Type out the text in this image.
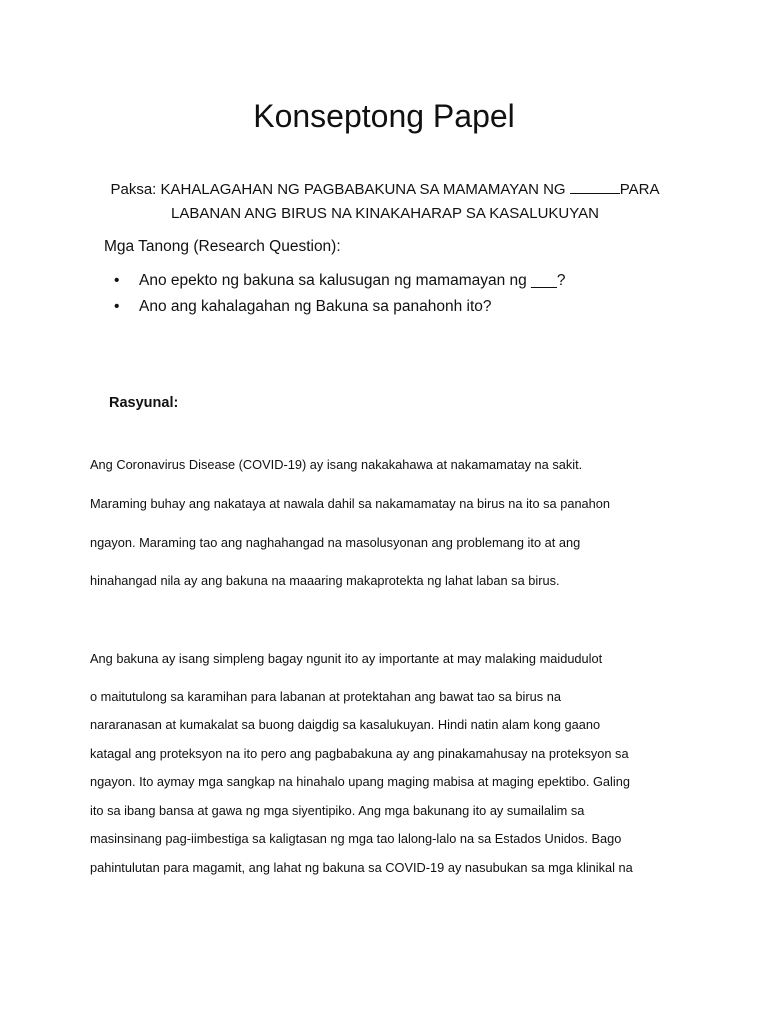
Konseptong Papel

Paksa: KAHALAGAHAN NG PAGBABAKUNA SA MAMAMAYAN NG	PARA LABANAN ANG BIRUS NA KINAKAHARAP SA KASALUKUYAN

Mga Tanong (Research Question):

• Ano epekto ng bakuna sa kalusugan ng mamamayan ng ___?
• Ano ang kahalagahan ng Bakuna sa panahonh ito?

Rasyunal:

Ang Coronavirus Disease (COVID-19) ay isang nakakahawa at nakamamatay na sakit.

Maraming buhay ang nakataya at nawala dahil sa nakamamatay na birus na ito sa panahon

ngayon. Maraming tao ang naghahangad na masolusyonan ang problemang ito at ang

hinahangad nila ay ang bakuna na maaaring makaprotekta ng lahat laban sa birus.

Ang bakuna ay isang simpleng bagay ngunit ito ay importante at may malaking maidudulot

o maitutulong sa karamihan para labanan at protektahan ang bawat tao sa birus na

nararanasan at kumakalat sa buong daigdig sa kasalukuyan. Hindi natin alam kong gaano

katagal ang proteksyon na ito pero ang pagbabakuna ay ang pinakamahusay na proteksyon sa

ngayon. Ito aymay mga sangkap na hinahalo upang maging mabisa at maging epektibo. Galing

ito sa ibang bansa at gawa ng mga siyentipiko. Ang mga bakunang ito ay sumailalim sa

masinsinang pag-iimbestiga sa kaligtasan ng mga tao lalong-lalo na sa Estados Unidos. Bago

pahintulutan para magamit, ang lahat ng bakuna sa COVID-19 ay nasubukan sa mga klinikal na
